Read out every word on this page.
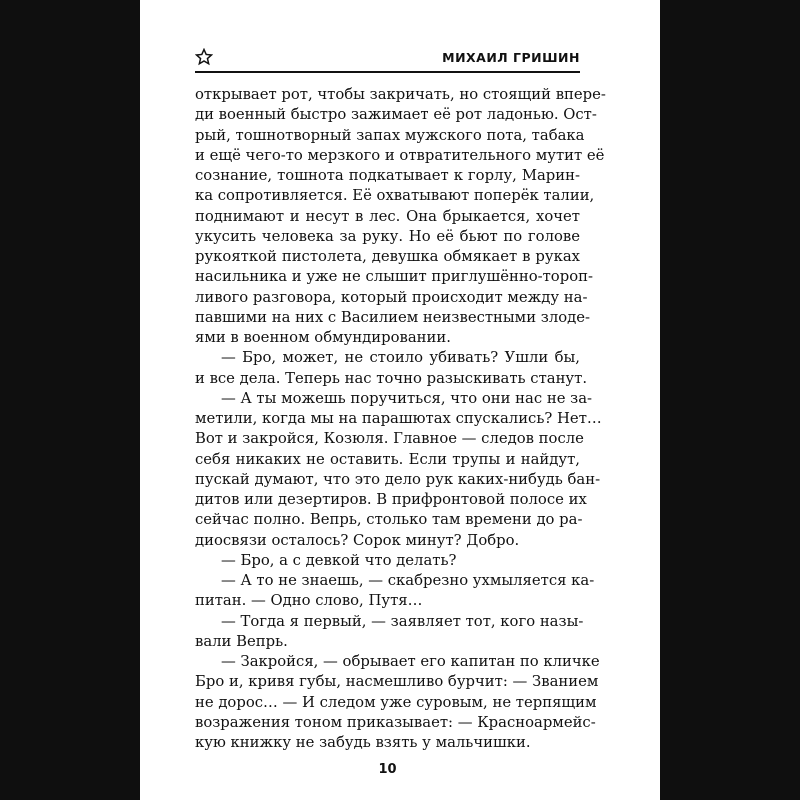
МИХАИЛ ГРИШИН
открывает рот, чтобы закричать, но стоящий впере-
ди военный быстро зажимает её рот ладонью. Ост-
рый, тошнотворный запах мужского пота, табака
и ещё чего-то мерзкого и отвратительного мутит её
сознание, тошнота подкатывает к горлу, Марин-
ка сопротивляется. Её охватывают поперёк талии,
поднимают и несут в лес. Она брыкается, хочет
укусить человека за руку. Но её бьют по голове
рукояткой пистолета, девушка обмякает в руках
насильника и уже не слышит приглушённо-тороп-
ливого разговора, который происходит между на-
павшими на них с Василием неизвестными злоде-
ями в военном обмундировании.
— Бро, может, не стоило убивать? Ушли бы,
и все дела. Теперь нас точно разыскивать станут.
— А ты можешь поручиться, что они нас не за-
метили, когда мы на парашютах спускались? Нет…
Вот и закройся, Козюля. Главное — следов после
себя никаких не оставить. Если трупы и найдут,
пускай думают, что это дело рук каких-нибудь бан-
дитов или дезертиров. В прифронтовой полосе их
сейчас полно. Вепрь, столько там времени до ра-
диосвязи осталось? Сорок минут? Добро.
— Бро, а с девкой что делать?
— А то не знаешь, — скабрезно ухмыляется ка-
питан. — Одно слово, Путя…
— Тогда я первый, — заявляет тот, кого назы-
вали Вепрь.
— Закройся, — обрывает его капитан по кличке
Бро и, кривя губы, насмешливо бурчит: — Званием
не дорос… — И следом уже суровым, не терпящим
возражения тоном приказывает: — Красноармейс-
кую книжку не забудь взять у мальчишки.
10
